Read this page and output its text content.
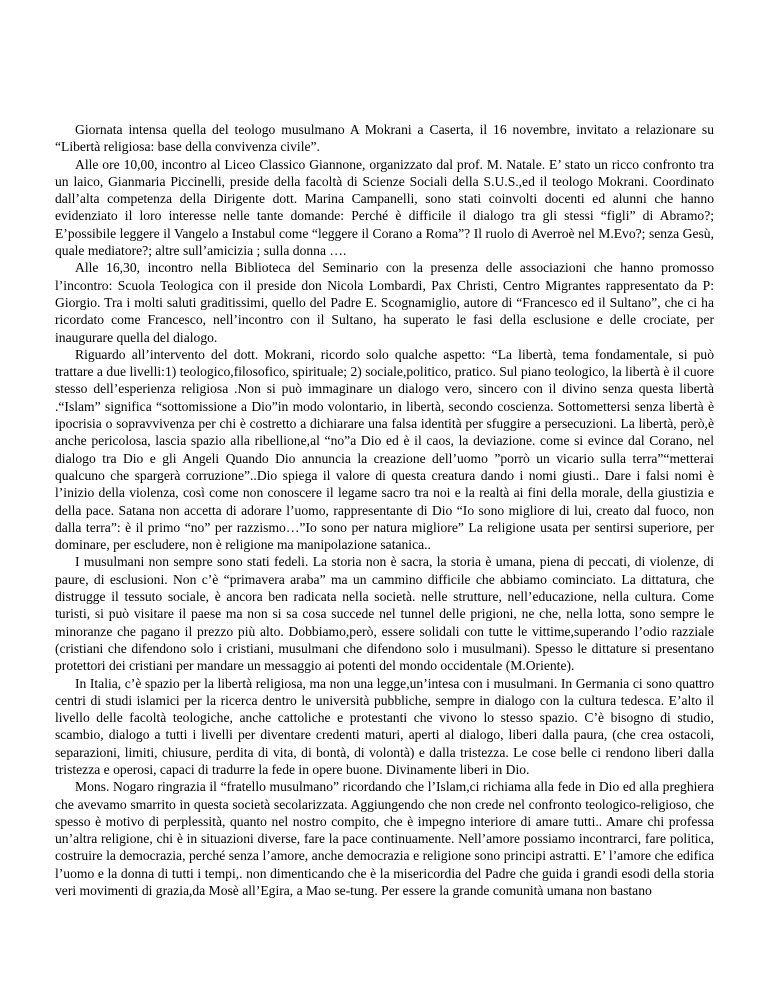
Giornata intensa quella del teologo musulmano A Mokrani a Caserta, il 16 novembre, invitato a relazionare su “Libertà religiosa: base della convivenza civile”.

Alle ore 10,00, incontro al Liceo Classico Giannone, organizzato dal prof. M. Natale. E’ stato un ricco confronto tra un laico, Gianmaria Piccinelli, preside della facoltà di Scienze Sociali della S.U.S.,ed il teologo Mokrani. Coordinato dall’alta competenza della Dirigente dott. Marina Campanelli, sono stati coinvolti docenti ed alunni che hanno evidenziato il loro interesse nelle tante domande: Perché è difficile il dialogo tra gli stessi “figli” di Abramo?; E’possibile leggere il Vangelo a Instabul come “leggere il Corano a Roma”? Il ruolo di Averroè nel M.Evo?; senza Gesù, quale mediatore?; altre sull’amicizia ; sulla donna ….

Alle 16,30, incontro nella Biblioteca del Seminario con la presenza delle associazioni che hanno promosso l’incontro: Scuola Teologica con il preside don Nicola Lombardi, Pax Christi, Centro Migrantes rappresentato da P: Giorgio. Tra i molti saluti graditissimi, quello del Padre E. Scognamiglio, autore di “Francesco ed il Sultano”, che ci ha ricordato come Francesco, nell’incontro con il Sultano, ha superato le fasi della esclusione e delle crociate, per inaugurare quella del dialogo.

Riguardo all’intervento del dott. Mokrani, ricordo solo qualche aspetto: “La libertà, tema fondamentale, si può trattare a due livelli:1) teologico,filosofico, spirituale; 2) sociale,politico, pratico. Sul piano teologico, la libertà è il cuore stesso dell’esperienza religiosa .Non si può immaginare un dialogo vero, sincero con il divino senza questa libertà .“Islam” significa “sottomissione a Dio”in modo volontario, in libertà, secondo coscienza. Sottomettersi senza libertà è ipocrisia o sopravvivenza per chi è costretto a dichiarare una falsa identità per sfuggire a persecuzioni. La libertà, però,è anche pericolosa, lascia spazio alla ribellione,al “no”a Dio ed è il caos, la deviazione. come si evince dal Corano, nel dialogo tra Dio e gli Angeli Quando Dio annuncia la creazione dell’uomo ”porrò un vicario sulla terra”“metterai qualcuno che spargerà corruzione”..Dio spiega il valore di questa creatura dando i nomi giusti.. Dare i falsi nomi è l’inizio della violenza, così come non conoscere il legame sacro tra noi e la realtà ai fini della morale, della giustizia e della pace. Satana non accetta di adorare l’uomo, rappresentante di Dio “Io sono migliore di lui, creato dal fuoco, non dalla terra”: è il primo “no” per razzismo…”Io sono per natura migliore” La religione usata per sentirsi superiore, per dominare, per escludere, non è religione ma manipolazione satanica..

I musulmani non sempre sono stati fedeli. La storia non è sacra, la storia è umana, piena di peccati, di violenze, di paure, di esclusioni. Non c’è “primavera araba” ma un cammino difficile che abbiamo cominciato. La dittatura, che distrugge il tessuto sociale, è ancora ben radicata nella società. nelle strutture, nell’educazione, nella cultura. Come turisti, si può visitare il paese ma non si sa cosa succede nel tunnel delle prigioni, ne che, nella lotta, sono sempre le minoranze che pagano il prezzo più alto. Dobbiamo,però, essere solidali con tutte le vittime,superando l’odio razziale (cristiani che difendono solo i cristiani, musulmani che difendono solo i musulmani). Spesso le dittature si presentano protettori dei cristiani per mandare un messaggio ai potenti del mondo occidentale (M.Oriente).

In Italia, c’è spazio per la libertà religiosa, ma non una legge,un’intesa con i musulmani. In Germania ci sono quattro centri di studi islamici per la ricerca dentro le università pubbliche, sempre in dialogo con la cultura tedesca. E’alto il livello delle facoltà teologiche, anche cattoliche e protestanti che vivono lo stesso spazio. C’è bisogno di studio, scambio, dialogo a tutti i livelli per diventare credenti maturi, aperti al dialogo, liberi dalla paura, (che crea ostacoli, separazioni, limiti, chiusure, perdita di vita, di bontà, di volontà) e dalla tristezza. Le cose belle ci rendono liberi dalla tristezza e operosi, capaci di tradurre la fede in opere buone. Divinamente liberi in Dio.

Mons. Nogaro ringrazia il “fratello musulmano” ricordando che l’Islam,ci richiama alla fede in Dio ed alla preghiera che avevamo smarrito in questa società secolarizzata. Aggiungendo che non crede nel confronto teologico-religioso, che spesso è motivo di perplessità, quanto nel nostro compito, che è impegno interiore di amare tutti.. Amare chi professa un’altra religione, chi è in situazioni diverse, fare la pace continuamente. Nell’amore possiamo incontrarci, fare politica, costruire la democrazia, perché senza l’amore, anche democrazia e religione sono principi astratti. E’ l’amore che edifica l’uomo e la donna di tutti i tempi,. non dimenticando che è la misericordia del Padre che guida i grandi esodi della storia veri movimenti di grazia,da Mosè all’Egira, a Mao se-tung. Per essere la grande comunità umana non bastano
